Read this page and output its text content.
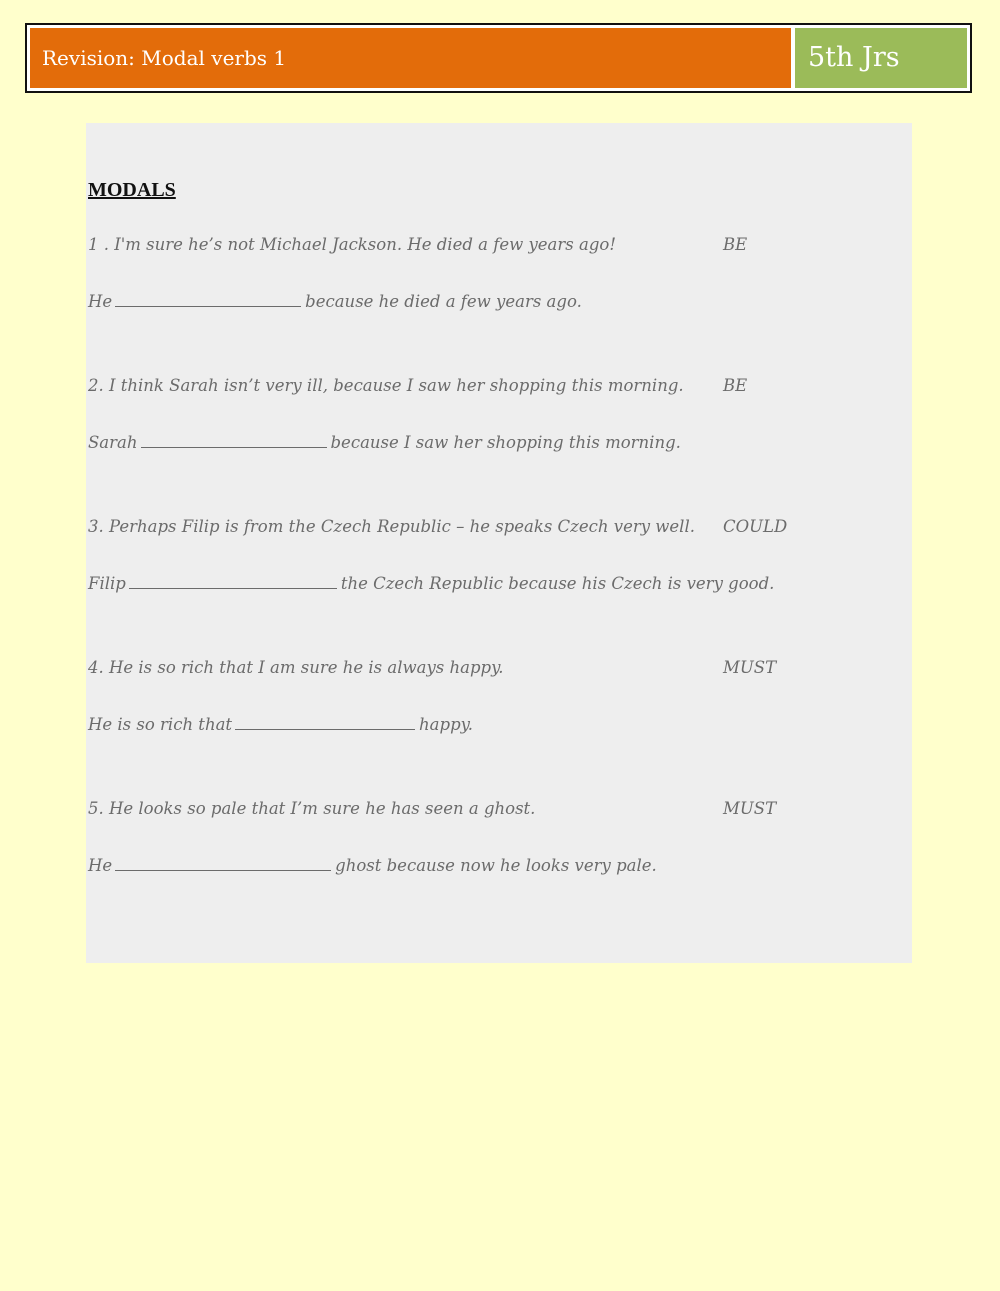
Revision: Modal verbs 1	5th Jrs
MODALS
1 . I'm sure he’s not Michael Jackson. He died a few years ago!	BE
He	because he died a few years ago.
2. I think Sarah isn’t very ill, because I saw her shopping this morning. BE
Sarah	because I saw her shopping this morning.
3. Perhaps Filip is from the Czech Republic – he speaks Czech very well. COULD
Filip	the Czech Republic because his Czech is very good.
4. He is so rich that I am sure he is always happy.	MUST
He is so rich that	happy.
5. He looks so pale that I’m sure he has seen a ghost.	MUST
He	ghost because now he looks very pale.
